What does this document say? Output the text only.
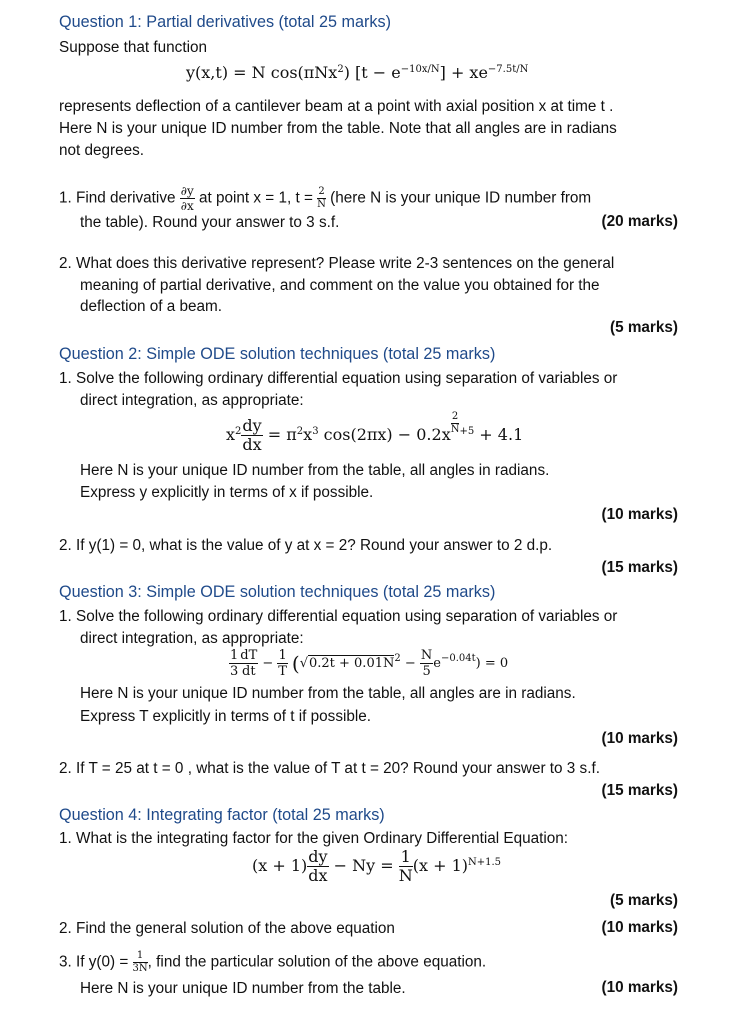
Question 1: Partial derivatives (total 25 marks)
Suppose that function
y(x,t) = N cos(πNx$^2$) $[t - e^{-10x/N}] + xe^{-7.5t/N}$
represents deflection of a cantilever beam at a point with axial position x at time t .
Here N is your unique ID number from the table. Note that all angles are in radians
not degrees.
1. Find derivative $\frac{\partial y}{\partial x}$ at point x = 1, $t = \frac{2}{N}$ (here N is your unique ID number from
the table). Round your answer to 3 s.f.	(20 marks)
2. What does this derivative represent? Please write 2-3 sentences on the general
meaning of partial derivative, and comment on the value you obtained for the
deflection of a beam.
(5 marks)
Question 2: Simple ODE solution techniques (total 25 marks)
1. Solve the following ordinary differential equation using separation of variables or
direct integration, as appropriate:
$x^2 \frac{dy}{dx} = \pi^2x^3$ cos(2πx) − 0.2x $^{\frac{2}{N} +5}$ + 4.1
Here N is your unique ID number from the table, all angles in radians.
Express y explicitly in terms of x if possible.
(10 marks)
2. If y(1) = 0, what is the value of y at x = 2? Round your answer to 2 d.p.
(15 marks)
Question 3: Simple ODE solution techniques (total 25 marks)
1. Solve the following ordinary differential equation using separation of variables or
direct integration, as appropriate:
$\frac{1}{3} \frac{dT}{dt} - \frac{1}{T} (√0.2t + 0.01N^2 - \frac{N}{5} e^{-0.04t}) = 0$
Here N is your unique ID number from the table, all angles are in radians.
Express T explicitly in terms of t if possible.
(10 marks)
2. If T = 25 at t = 0 , what is the value of T at t = 20? Round your answer to 3 s.f.
(15 marks)
Question 4: Integrating factor (total 25 marks)
1. What is the integrating factor for the given Ordinary Differential Equation:
$(x + 1) \frac{dy}{dx} - Ny = \frac{1}{N} (x + 1)^{N+1.5}$
(5 marks)
2. Find the general solution of the above equation	(10 marks)
3. If $y(0) = \frac{1}{3N}$ , find the particular solution of the above equation.
Here N is your unique ID number from the table.	(10 marks)
